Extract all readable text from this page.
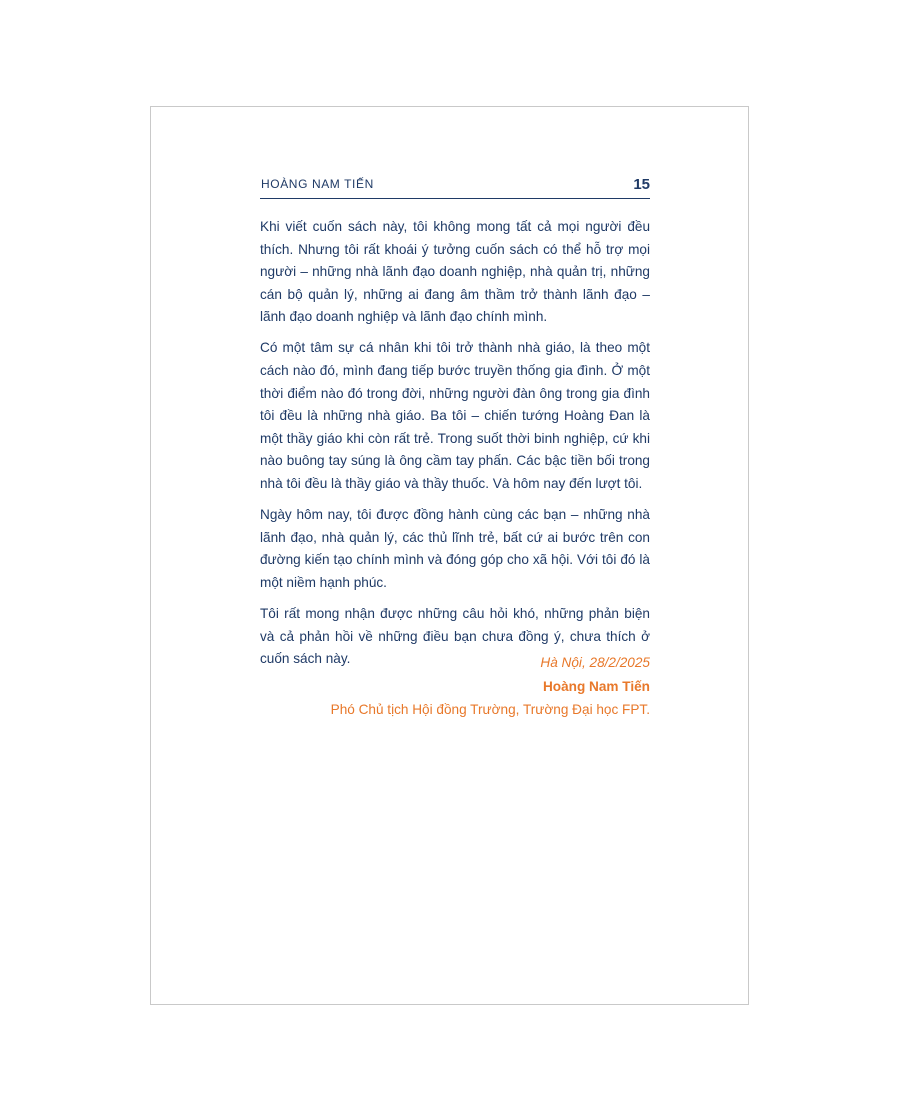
HOÀNG NAM TIẾN	15

Khi viết cuốn sách này, tôi không mong tất cả mọi người đều thích. Nhưng tôi rất khoái ý tưởng cuốn sách có thể hỗ trợ mọi người – những nhà lãnh đạo doanh nghiệp, nhà quản trị, những cán bộ quản lý, những ai đang âm thầm trở thành lãnh đạo – lãnh đạo doanh nghiệp và lãnh đạo chính mình.

Có một tâm sự cá nhân khi tôi trở thành nhà giáo, là theo một cách nào đó, mình đang tiếp bước truyền thống gia đình. Ở một thời điểm nào đó trong đời, những người đàn ông trong gia đình tôi đều là những nhà giáo. Ba tôi – chiến tướng Hoàng Đan là một thầy giáo khi còn rất trẻ. Trong suốt thời binh nghiệp, cứ khi nào buông tay súng là ông cầm tay phấn. Các bậc tiền bối trong nhà tôi đều là thầy giáo và thầy thuốc. Và hôm nay đến lượt tôi.

Ngày hôm nay, tôi được đồng hành cùng các bạn – những nhà lãnh đạo, nhà quản lý, các thủ lĩnh trẻ, bất cứ ai bước trên con đường kiến tạo chính mình và đóng góp cho xã hội. Với tôi đó là một niềm hạnh phúc.

Tôi rất mong nhận được những câu hỏi khó, những phản biện và cả phản hồi về những điều bạn chưa đồng ý, chưa thích ở cuốn sách này.	Hà Nội, 28/2/2025
Hoàng Nam Tiến
Phó Chủ tịch Hội đồng Trường, Trường Đại học FPT.
